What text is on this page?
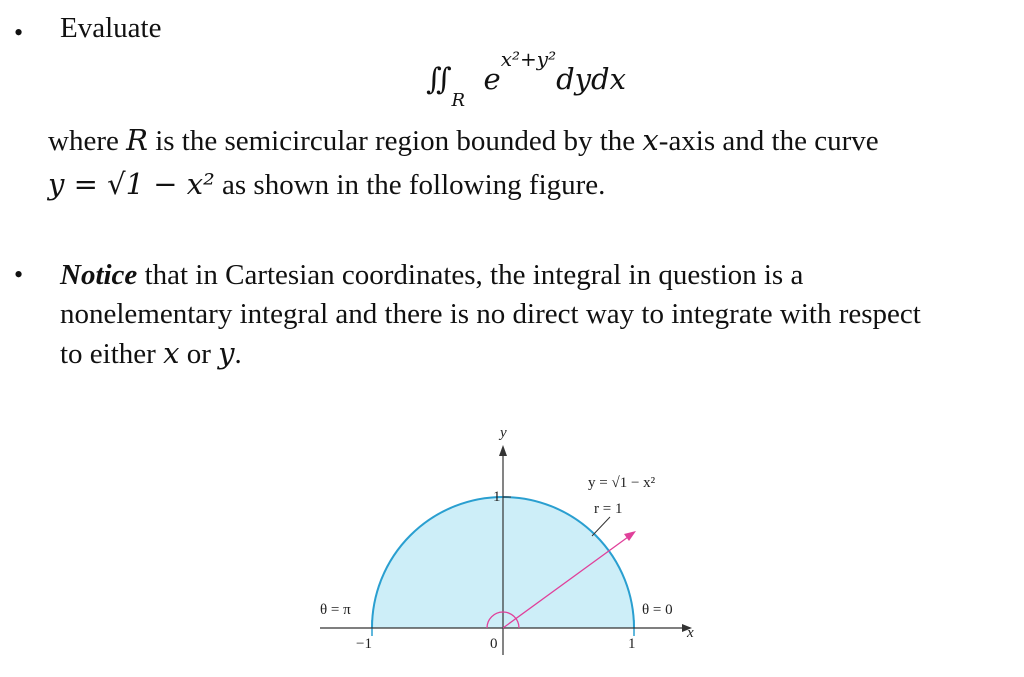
• Evaluate
$∬_R$  $e^{x^2+y^2}dydx$
where R is the semicircular region bounded by the x-axis and the curve
y = √1 − x² as shown in the following figure.
• Notice that in Cartesian coordinates, the integral in question is a
nonelementary integral and there is no direct way to integrate with respect
to either x or y.
y
x
y = √1 − x²
r = 1
θ = π	θ = 0
−1	0	1
1
